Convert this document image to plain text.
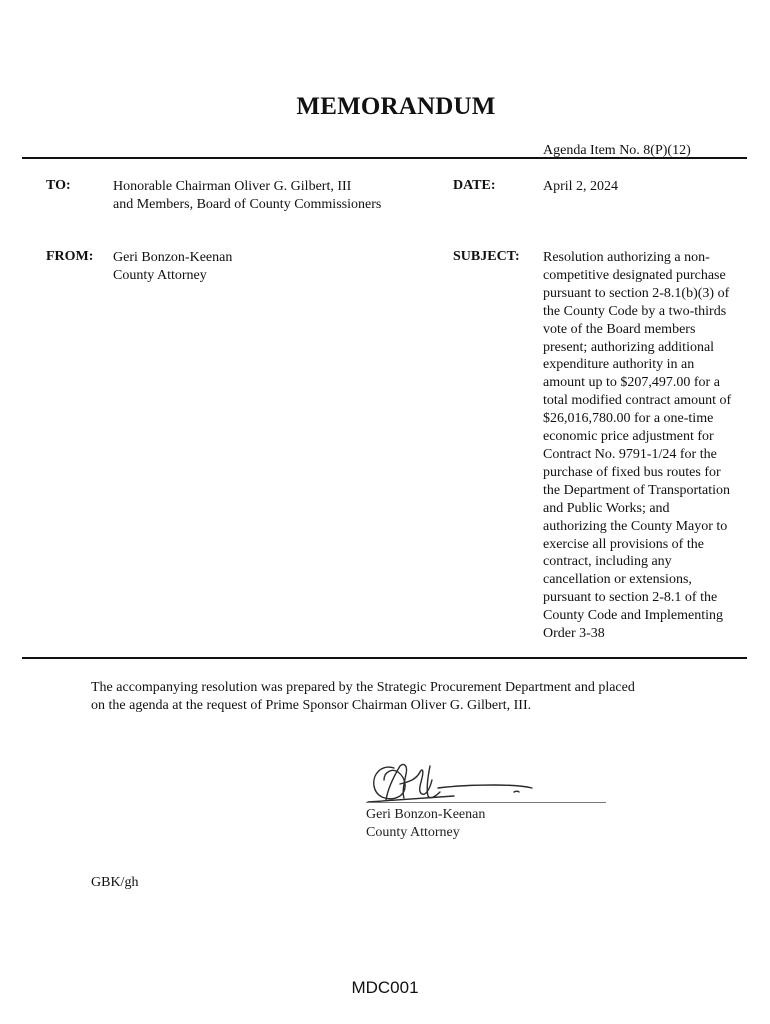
MEMORANDUM
Agenda Item No. 8(P)(12)
TO:	Honorable Chairman Oliver G. Gilbert, III
and Members, Board of County Commissioners
DATE:	April 2, 2024
FROM: Geri Bonzon-Keenan
County Attorney
SUBJECT: Resolution authorizing a non-
competitive designated purchase
pursuant to section 2-8.1(b)(3) of
the County Code by a two-thirds
vote of the Board members
present; authorizing additional
expenditure authority in an
amount up to $207,497.00 for a
total modified contract amount of
$26,016,780.00 for a one-time
economic price adjustment for
Contract No. 9791-1/24 for the
purchase of fixed bus routes for
the Department of Transportation
and Public Works; and
authorizing the County Mayor to
exercise all provisions of the
contract, including any
cancellation or extensions,
pursuant to section 2-8.1 of the
County Code and Implementing
Order 3-38
The accompanying resolution was prepared by the Strategic Procurement Department and placed
on the agenda at the request of Prime Sponsor Chairman Oliver G. Gilbert, III.
Geri Bonzon-Keenan
County Attorney
GBK/gh
MDC001
